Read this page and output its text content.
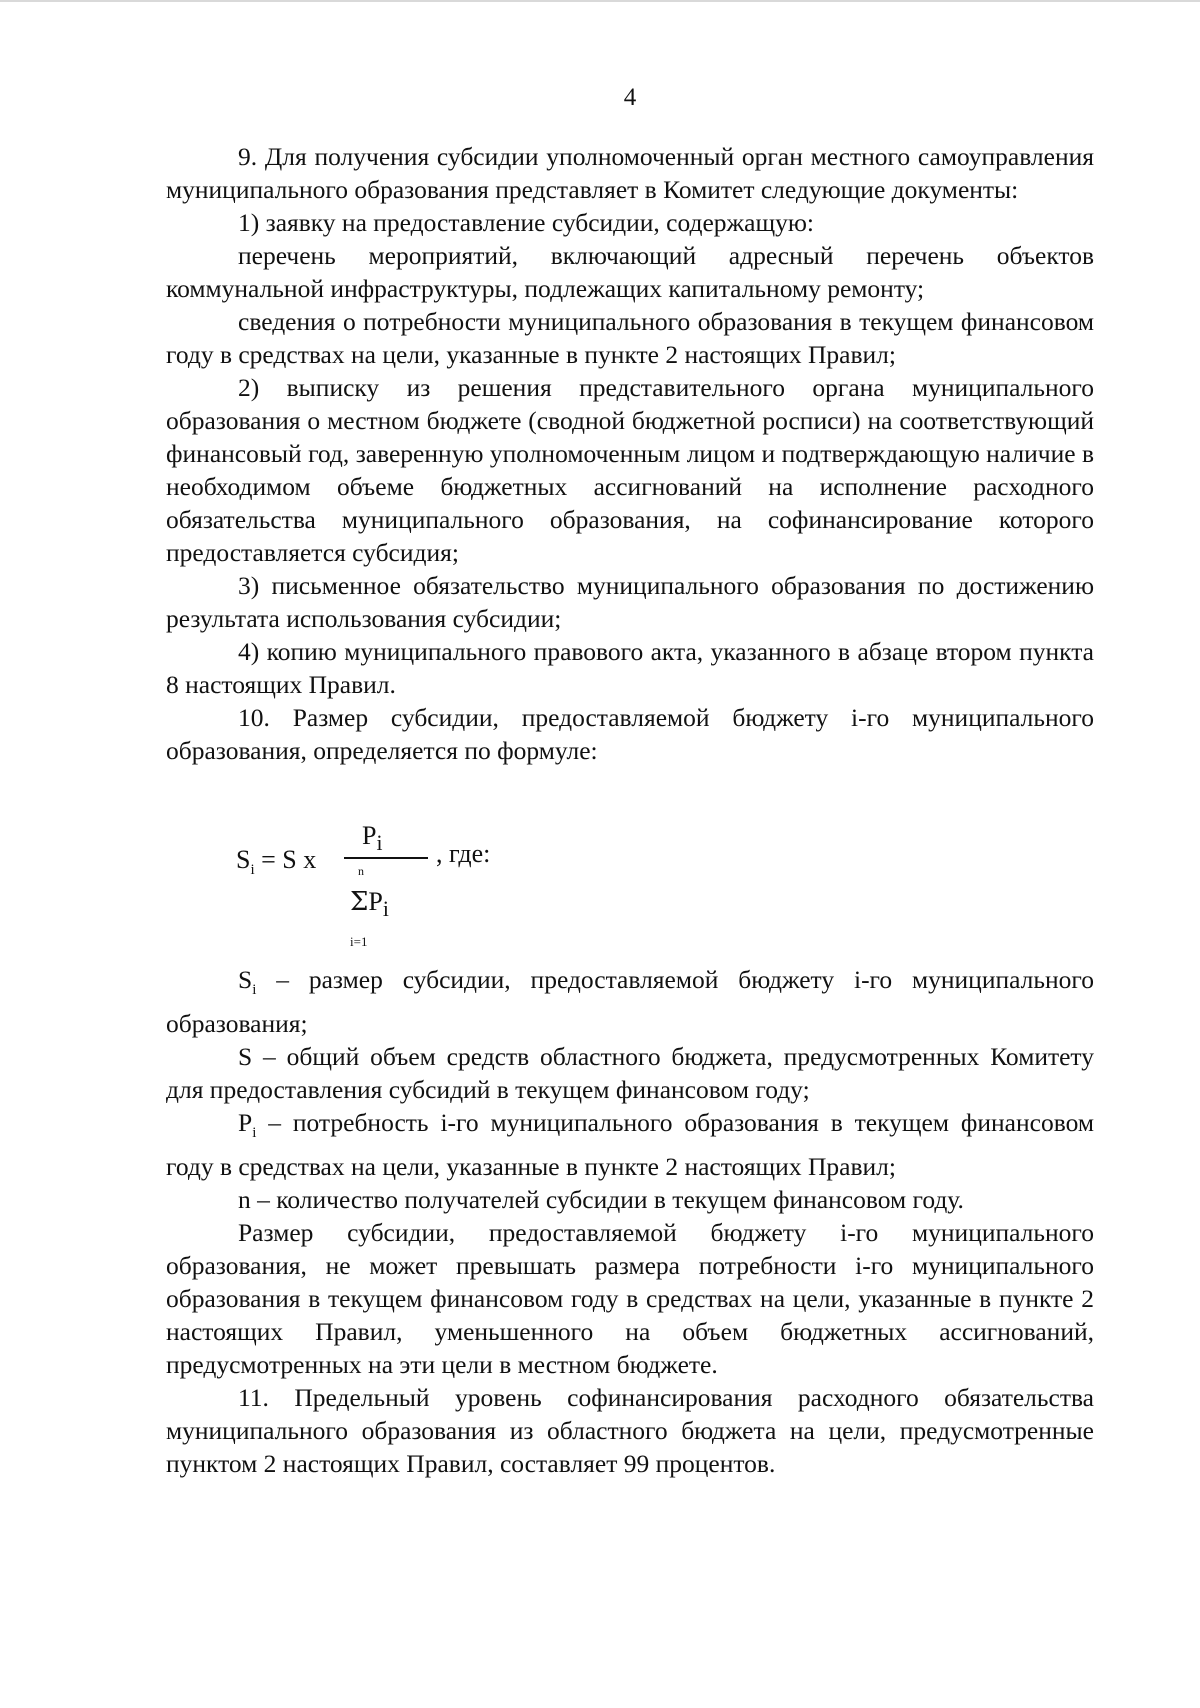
4

9. Для получения субсидии уполномоченный орган местного самоуправления муниципального образования представляет в Комитет следующие документы:

1) заявку на предоставление субсидии, содержащую:

перечень мероприятий, включающий адресный перечень объектов коммунальной инфраструктуры, подлежащих капитальному ремонту;

сведения о потребности муниципального образования в текущем финансовом году в средствах на цели, указанные в пункте 2 настоящих Правил;

2) выписку из решения представительного органа муниципального образования о местном бюджете (сводной бюджетной росписи) на соответствующий финансовый год, заверенную уполномоченным лицом и подтверждающую наличие в необходимом объеме бюджетных ассигнований на исполнение расходного обязательства муниципального образования, на софинансирование которого предоставляется субсидия;

3) письменное обязательство муниципального образования по достижению результата использования субсидии;

4) копию муниципального правового акта, указанного в абзаце втором пункта 8 настоящих Правил.

10. Размер субсидии, предоставляемой бюджету i-го муниципального образования, определяется по формуле:

$S_i = S$ x
$P_i$
n
$\Sigma P_i$
i=1
, где:

$S_i$ – размер субсидии, предоставляемой бюджету i-го муниципального образования;

S – общий объем средств областного бюджета, предусмотренных Комитету для предоставления субсидий в текущем финансовом году;

$P_i$ – потребность i-го муниципального образования в текущем финансовом году в средствах на цели, указанные в пункте 2 настоящих Правил;

n – количество получателей субсидии в текущем финансовом году.

Размер субсидии, предоставляемой бюджету i-го муниципального образования, не может превышать размера потребности i-го муниципального образования в текущем финансовом году в средствах на цели, указанные в пункте 2 настоящих Правил, уменьшенного на объем бюджетных ассигнований, предусмотренных на эти цели в местном бюджете.

11. Предельный уровень софинансирования расходного обязательства муниципального образования из областного бюджета на цели, предусмотренные пунктом 2 настоящих Правил, составляет 99 процентов.
